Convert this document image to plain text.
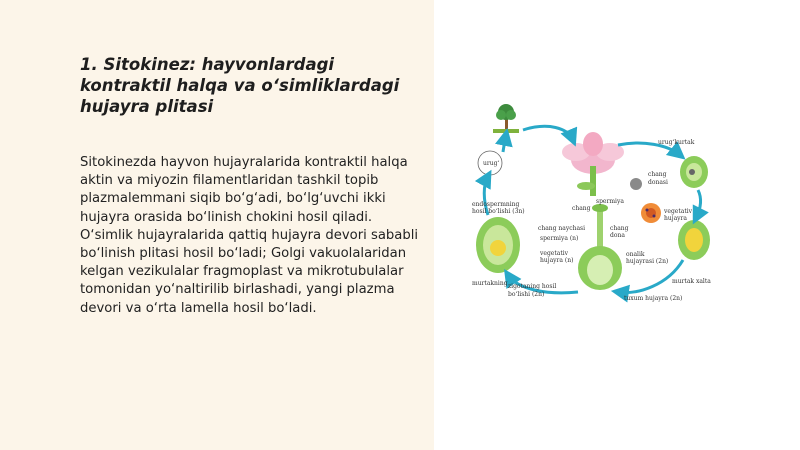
1. Sitokinez: hayvonlardagi kontraktil halqa va o‘simliklardagi hujayra plitasi

Sitokinezda hayvon hujayralarida kontraktil halqa aktin va miyozin filamentlaridan tashkil topib plazmalemmani siqib bo‘g‘adi, bo‘lg‘uvchi ikki hujayra orasida bo‘linish chokini hosil qiladi. O‘simlik hujayralarida qattiq hujayra devori sababli bo‘linish plitasi hosil bo‘ladi; Golgi vakuolalaridan kelgan vezikulalar fragmoplast va mikrotubulalar tomonidan yo‘naltirilib birlashadi, yangi plazma devori va o‘rta lamella hosil bo‘ladi.

urug‘
endospermning
hosil bo‘lishi (3n)	chang
spermiya
chang naychasi
spermiya (n)
vegetativ
hujayra (n)
chang
donasi
chang
dona
vegetativ
hujayra
onalik
hujayrasi (2n)
urug‘kurtak
murtak xalta
tuxum hujayra (2n)
zigotaning hosil
bo‘lishi (2n)
murtakning
